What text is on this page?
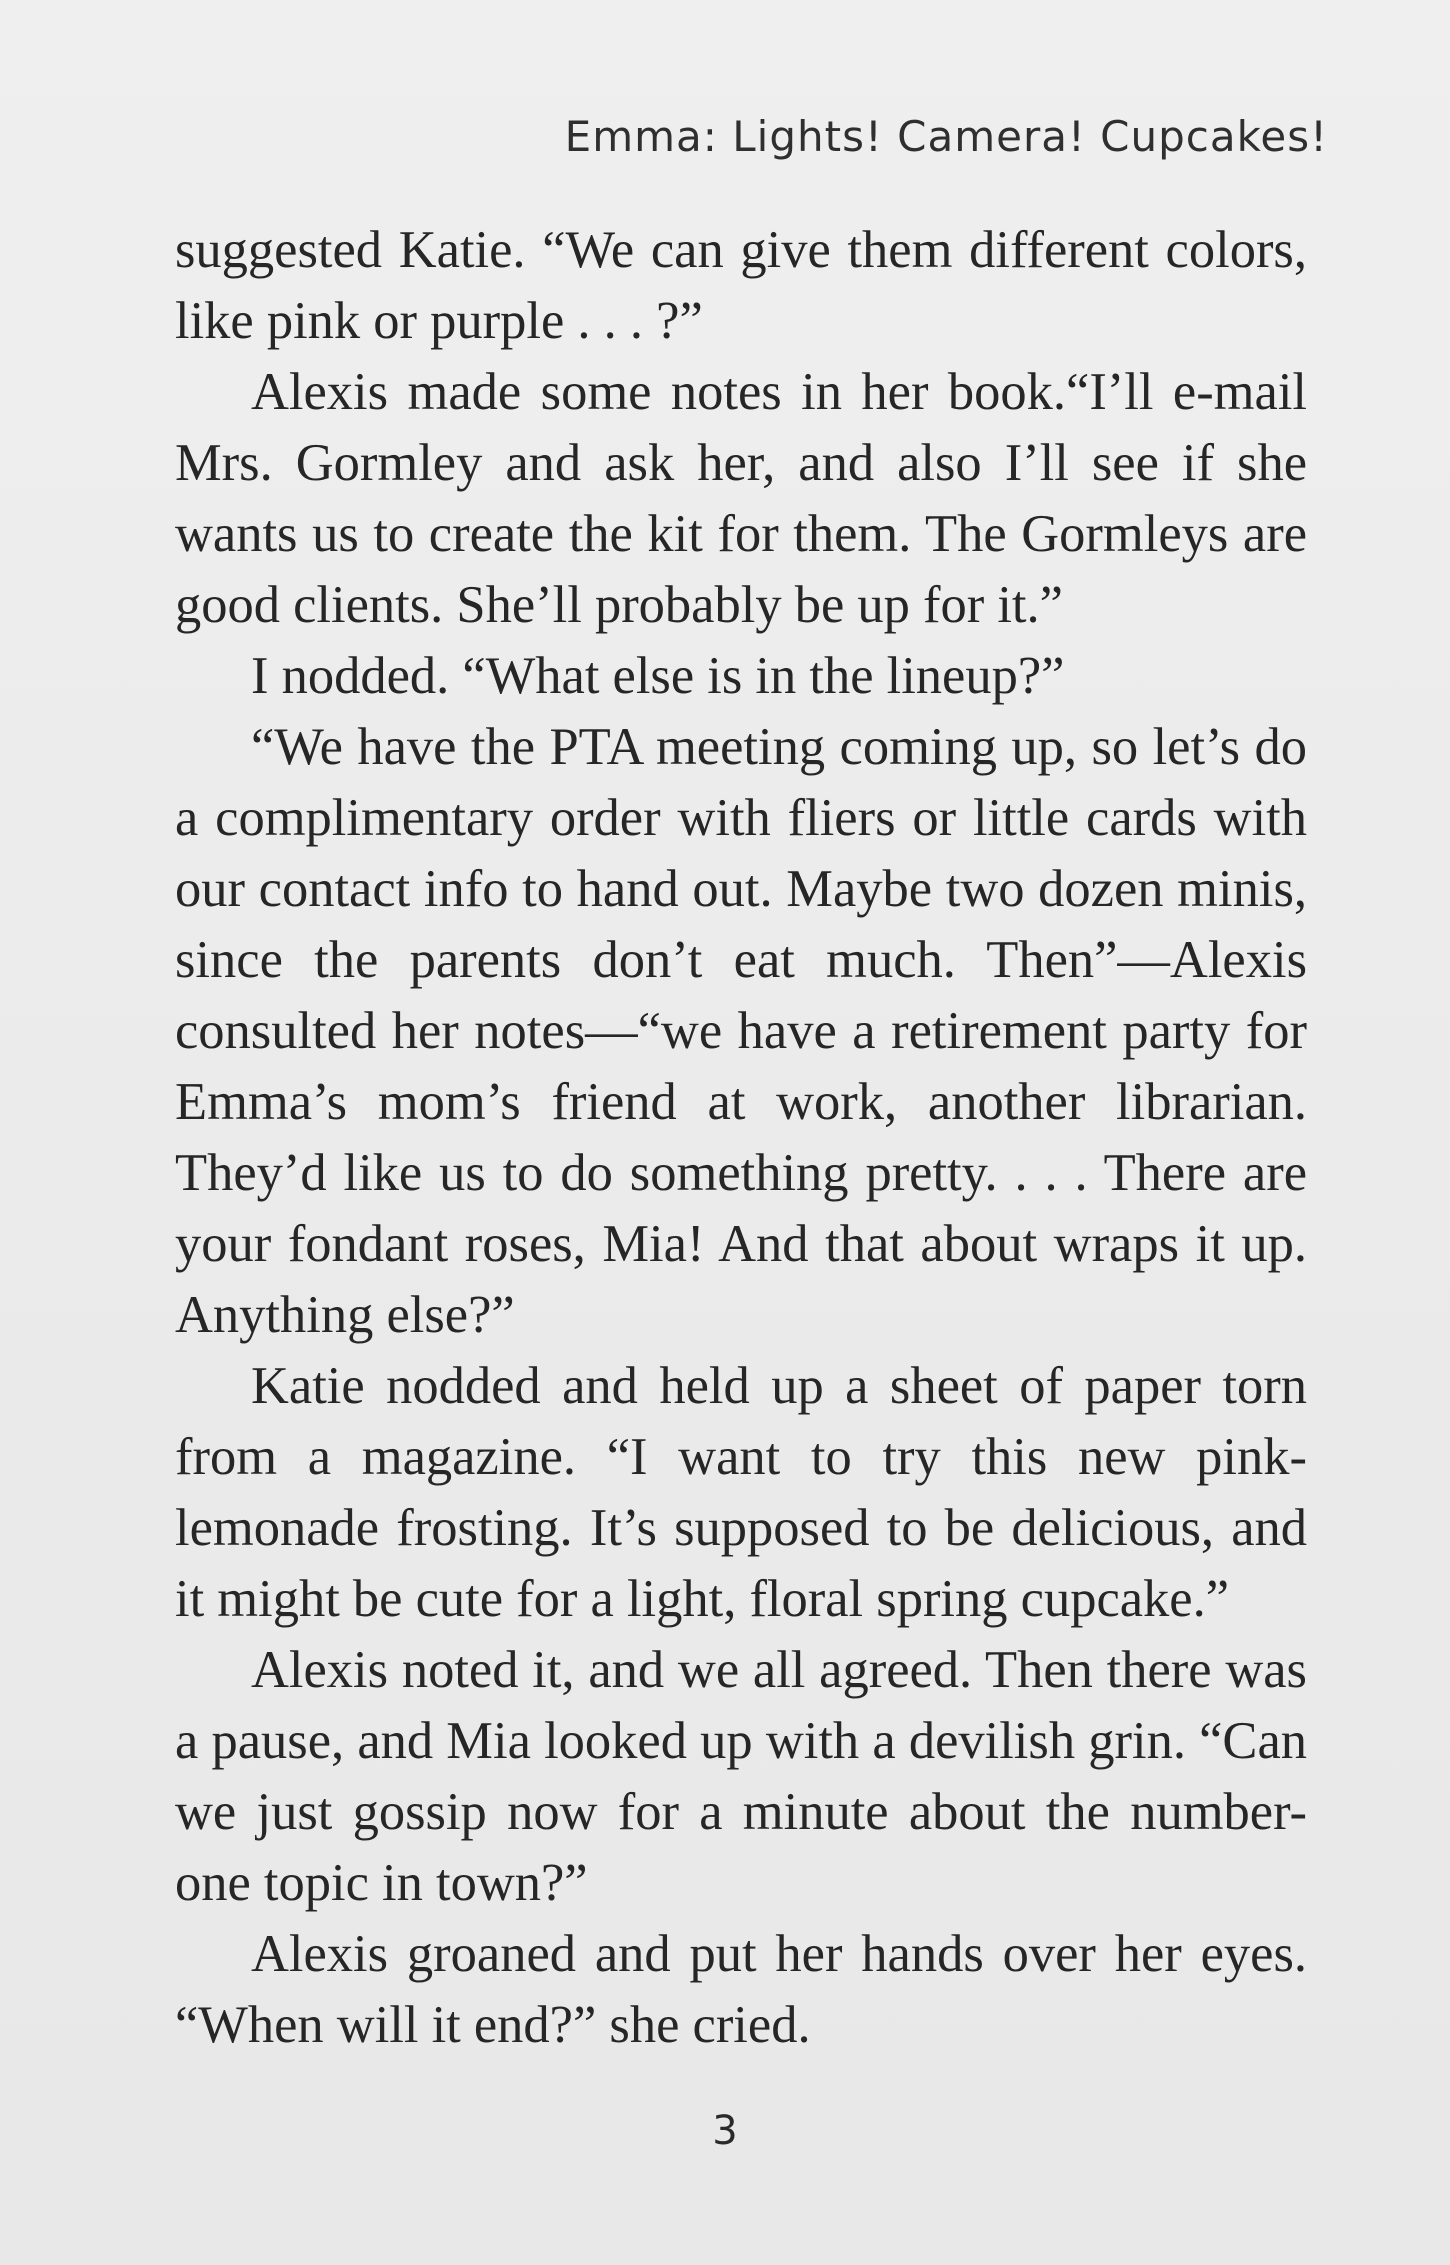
Emma: Lights! Camera! Cupcakes!

suggested Katie. “We can give them different colors, like pink or purple . . . ?”

Alexis made some notes in her book.“I’ll e-mail Mrs. Gormley and ask her, and also I’ll see if she wants us to create the kit for them. The Gormleys are good clients. She’ll probably be up for it.”

I nodded. “What else is in the lineup?”

“We have the PTA meeting coming up, so let’s do a complimentary order with fliers or little cards with our contact info to hand out. Maybe two dozen minis, since the parents don’t eat much. Then”—Alexis consulted her notes—“we have a retirement party for Emma’s mom’s friend at work, another librarian. They’d like us to do something pretty. . . . There are your fondant roses, Mia! And that about wraps it up. Anything else?”

Katie nodded and held up a sheet of paper torn from a magazine. “I want to try this new pink-lemonade frosting. It’s supposed to be delicious, and it might be cute for a light, floral spring cupcake.”

Alexis noted it, and we all agreed. Then there was a pause, and Mia looked up with a devilish grin. “Can we just gossip now for a minute about the number-one topic in town?”

Alexis groaned and put her hands over her eyes. “When will it end?” she cried.

3
